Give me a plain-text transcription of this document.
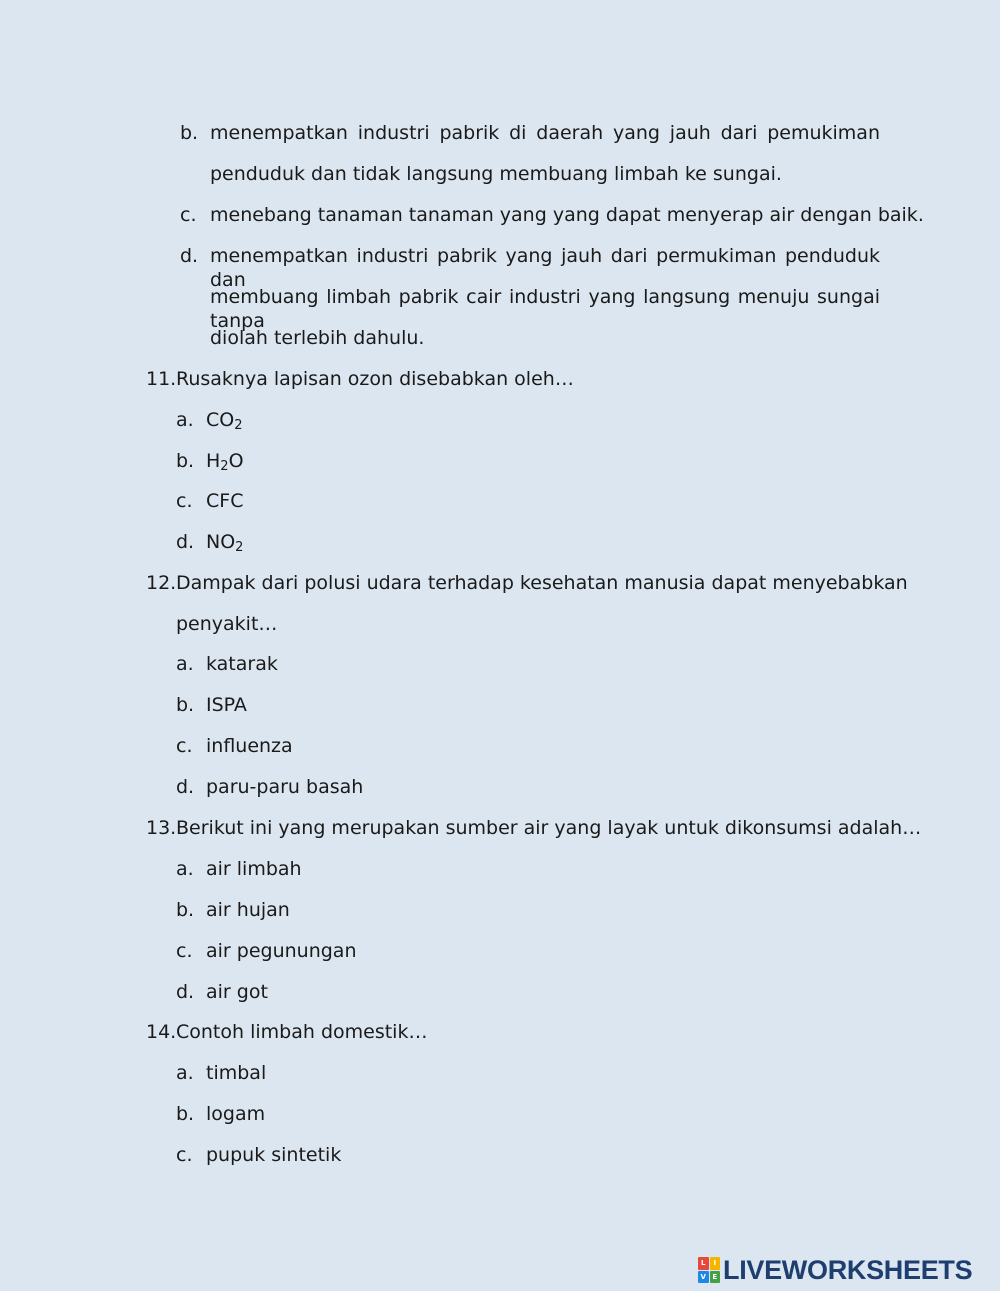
b. menempatkan industri pabrik di daerah yang jauh dari pemukiman
penduduk dan tidak langsung membuang limbah ke sungai.
c. menebang tanaman tanaman yang yang dapat menyerap air dengan baik.
d. menempatkan industri pabrik yang jauh dari permukiman penduduk dan
membuang limbah pabrik cair industri yang langsung menuju sungai tanpa
diolah terlebih dahulu.
11. Rusaknya lapisan ozon disebabkan oleh…
a. $CO_2$
b. $H_2O$
c. CFC
d. $NO_2$
12. Dampak dari polusi udara terhadap kesehatan manusia dapat menyebabkan
penyakit…
a. katarak
b. ISPA
c. influenza
d. paru-paru basah
13. Berikut ini yang merupakan sumber air yang layak untuk dikonsumsi adalah…
a. air limbah
b. air hujan
c. air pegunungan
d. air got
14. Contoh limbah domestik…
a. timbal
b. logam
c. pupuk sintetik
L	I
V E LIVEWORKSHEETS
